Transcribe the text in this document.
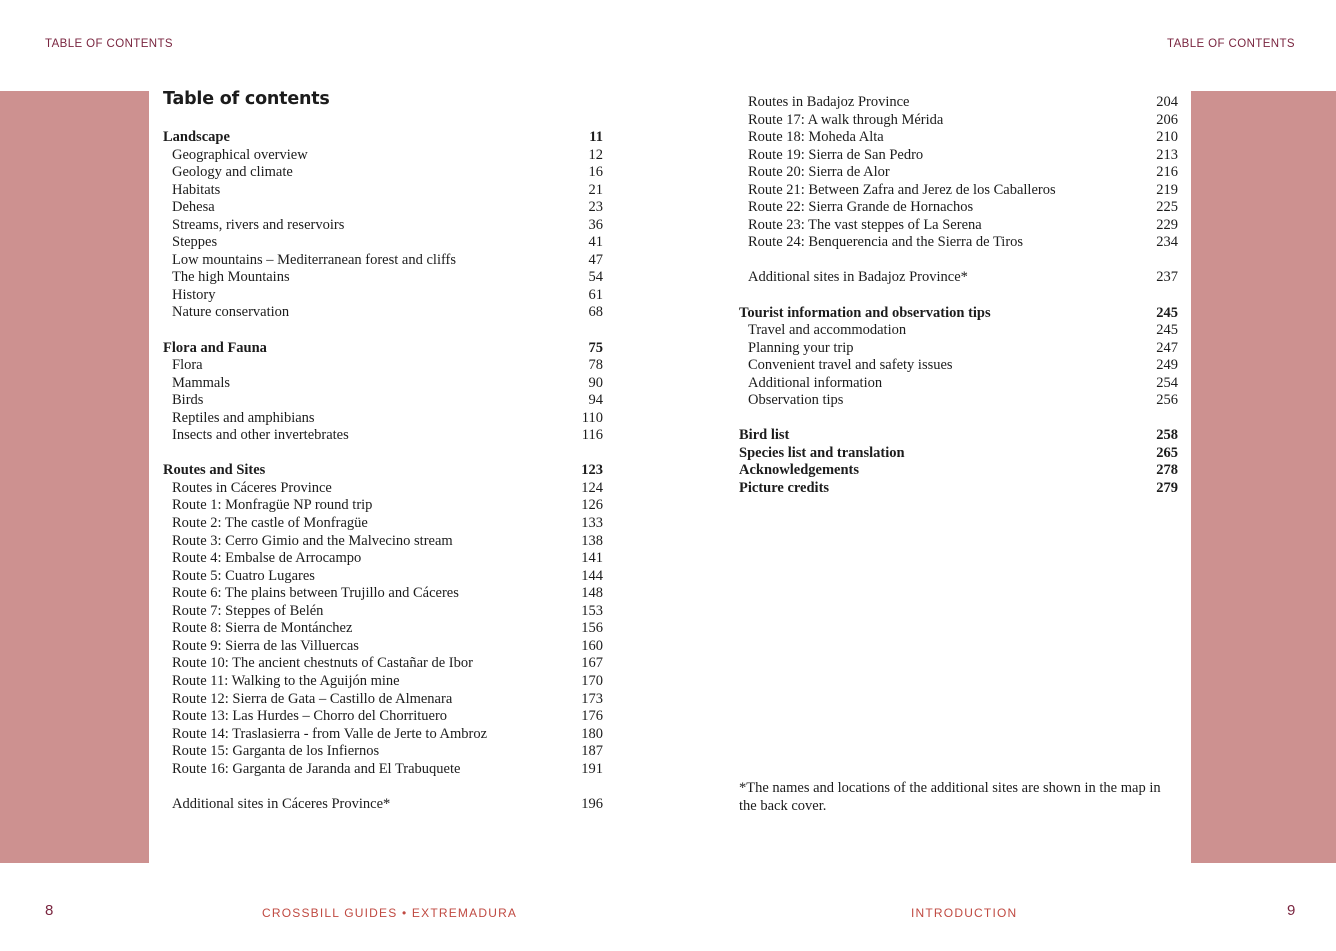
TABLE OF CONTENTS	TABLE OF CONTENTS
Table of contents
Landscape	11
Geographical overview	12
Geology and climate	16
Habitats	21
Dehesa	23
Streams, rivers and reservoirs	36
Steppes	41
Low mountains – Mediterranean forest and cliffs	47
The high Mountains	54
History	61
Nature conservation	68
Flora and Fauna	75
Flora	78
Mammals	90
Birds	94
Reptiles and amphibians	110
Insects and other invertebrates	116
Routes and Sites	123
Routes in Cáceres Province	124
Route 1: Monfragüe NP round trip	126
Route 2: The castle of Monfragüe	133
Route 3: Cerro Gimio and the Malvecino stream	138
Route 4: Embalse de Arrocampo	141
Route 5: Cuatro Lugares	144
Route 6: The plains between Trujillo and Cáceres	148
Route 7: Steppes of Belén	153
Route 8: Sierra de Montánchez	156
Route 9: Sierra de las Villuercas	160
Route 10: The ancient chestnuts of Castañar de Ibor	167
Route 11: Walking to the Aguijón mine	170
Route 12: Sierra de Gata – Castillo de Almenara	173
Route 13: Las Hurdes – Chorro del Chorrituero	176
Route 14: Traslasierra - from Valle de Jerte to Ambroz	180
Route 15: Garganta de los Infiernos	187
Route 16: Garganta de Jaranda and El Trabuquete	191
Additional sites in Cáceres Province*	196
Routes in Badajoz Province	204
Route 17: A walk through Mérida	206
Route 18: Moheda Alta	210
Route 19: Sierra de San Pedro	213
Route 20: Sierra de Alor	216
Route 21: Between Zafra and Jerez de los Caballeros	219
Route 22: Sierra Grande de Hornachos	225
Route 23: The vast steppes of La Serena	229
Route 24: Benquerencia and the Sierra de Tiros	234
Additional sites in Badajoz Province*	237
Tourist information and observation tips	245
Travel and accommodation	245
Planning your trip	247
Convenient travel and safety issues	249
Additional information	254
Observation tips	256
Bird list	258
Species list and translation	265
Acknowledgements	278
Picture credits	279
*The names and locations of the additional sites are shown in the map in the back cover.
8	CROSSBILL GUIDES • EXTREMADURA	INTRODUCTION	9
